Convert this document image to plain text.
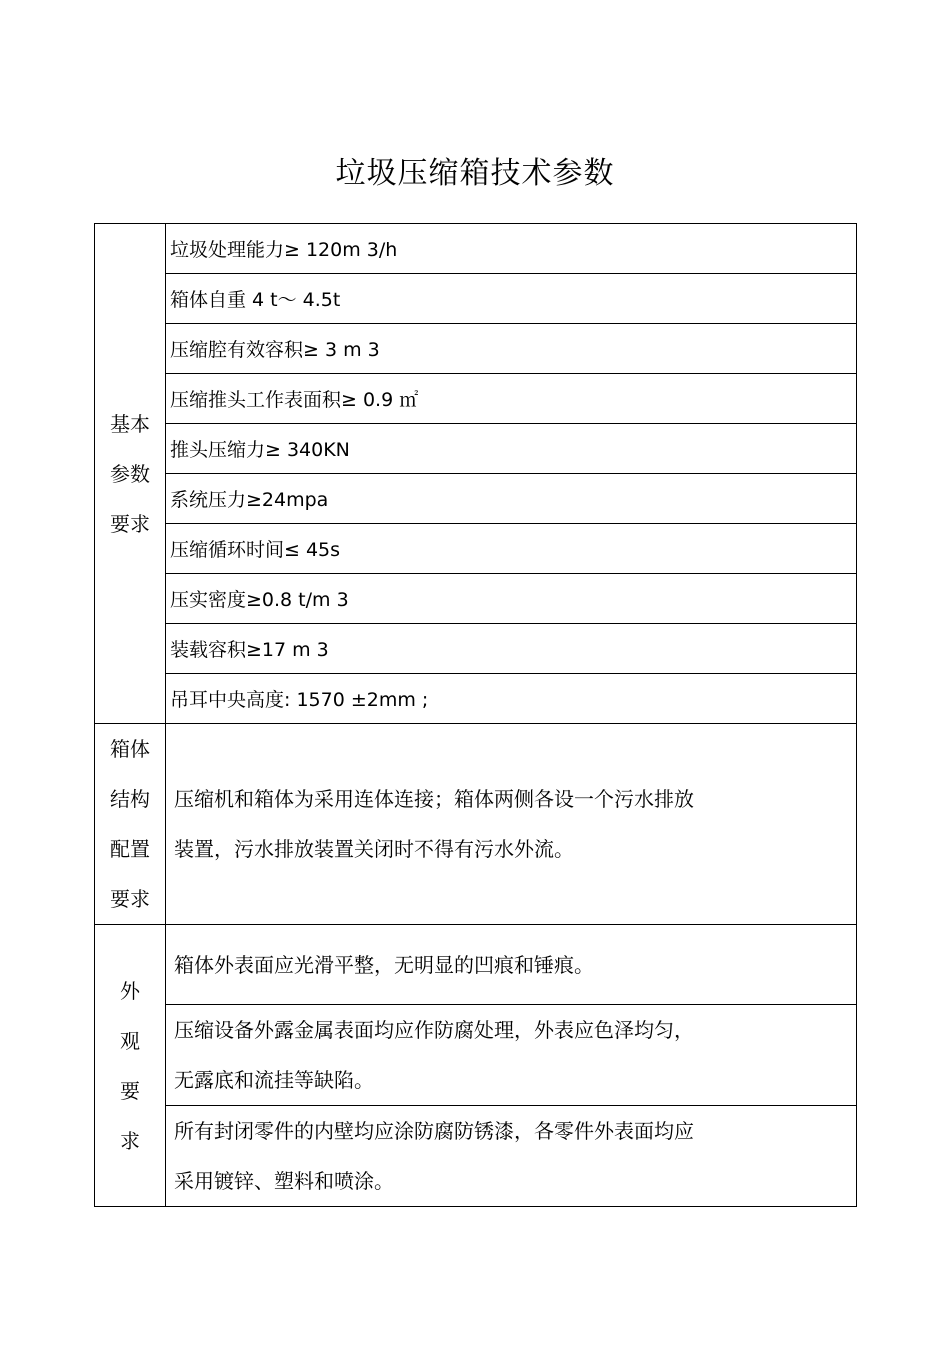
垃圾压缩箱技术参数
基本
参数
要求	垃圾处理能力≥ 120m 3/h
	箱体自重 4 t～ 4.5t
	压缩腔有效容积≥ 3 m 3
	压缩推头工作表面积≥ 0.9 ㎡
	推头压缩力≥ 340KN
	系统压力≥24mpa
	压缩循环时间≤ 45s
	压实密度≥0.8 t/m 3
	装载容积≥17 m 3
	吊耳中央高度: 1570 ±2mm ;

箱体
结构
配置
要求	压缩机和箱体为采用连体连接；箱体两侧各设一个污水排放
装置，污水排放装置关闭时不得有污水外流。

外
观
要
求	箱体外表面应光滑平整，无明显的凹痕和锤痕。

	压缩设备外露金属表面均应作防腐处理，外表应色泽均匀，
无露底和流挂等缺陷。

	所有封闭零件的内壁均应涂防腐防锈漆，各零件外表面均应
采用镀锌、塑料和喷涂。
